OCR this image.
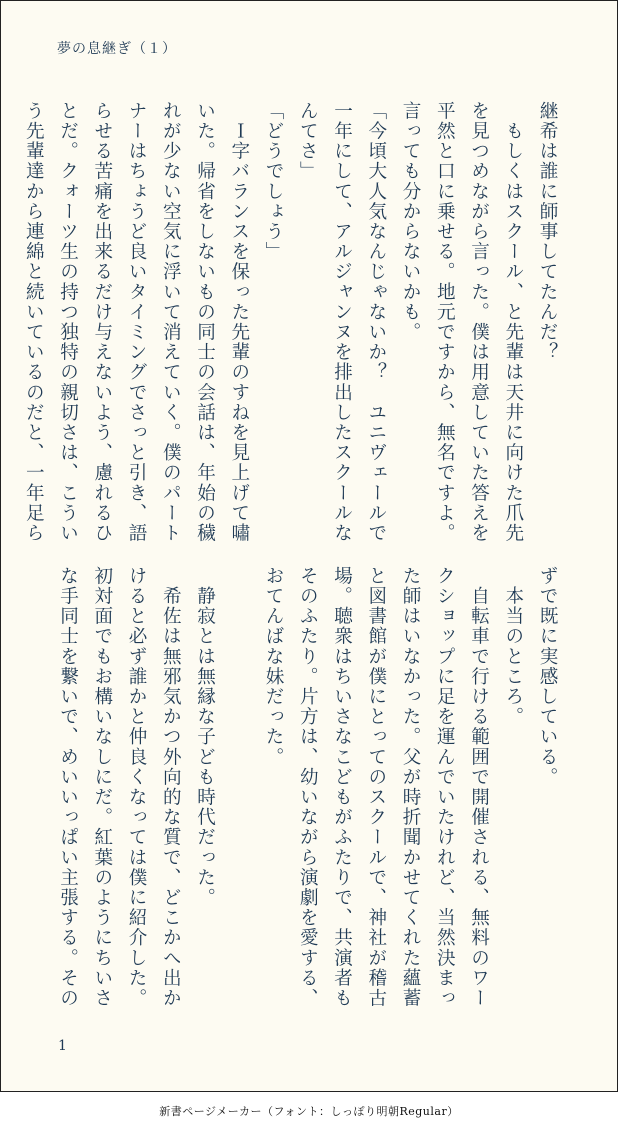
夢の息継ぎ（１）
継希は誰に師事してたんだ？
　もしくはスクール、と先輩は天井に向けた爪先
を見つめながら言った。僕は用意していた答えを
平然と口に乗せる。地元ですから、無名ですよ。
言っても分からないかも。
「今頃大人気なんじゃないか？　ユニヴェールで
一年にして、アルジャンヌを排出したスクールな
んてさ」
「どうでしょう」
　Ｉ字バランスを保った先輩のすねを見上げて嘯
いた。帰省をしないもの同士の会話は、年始の穢
れが少ない空気に浮いて消えていく。僕のパート
ナーはちょうど良いタイミングでさっと引き、語
らせる苦痛を出来るだけ与えないよう、慮れるひ
とだ。クォーツ生の持つ独特の親切さは、こうい
う先輩達から連綿と続いているのだと、一年足ら
ずで既に実感している。
　本当のところ。
　自転車で行ける範囲で開催される、無料のワー
クショップに足を運んでいたけれど、当然決まっ
た師はいなかった。父が時折聞かせてくれた蘊蓄
と図書館が僕にとってのスクールで、神社が稽古
場。聴衆はちいさなこどもがふたりで、共演者も
そのふたり。片方は、幼いながら演劇を愛する、
おてんばな妹だった。

　静寂とは無縁な子ども時代だった。
　希佐は無邪気かつ外向的な質で、どこかへ出か
けると必ず誰かと仲良くなっては僕に紹介した。
初対面でもお構いなしにだ。紅葉のようにちいさ
な手同士を繋いで、めいいっぱい主張する。その
1
新書ページメーカー（フォント：しっぽり明朝Regular）
